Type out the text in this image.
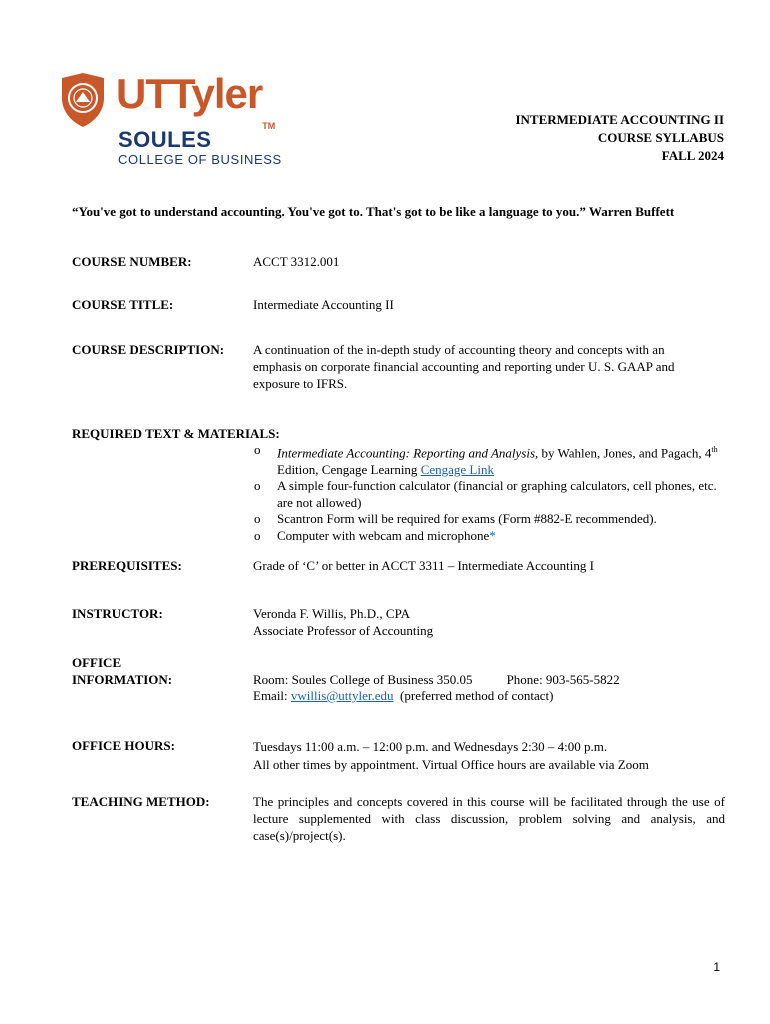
UTTyler™
SOULES
COLLEGE OF BUSINESS
INTERMEDIATE ACCOUNTING II
COURSE SYLLABUS
FALL 2024
“You've got to understand accounting. You've got to. That's got to be like a language to you.” Warren Buffett
COURSE NUMBER:	ACCT 3312.001
COURSE TITLE:	Intermediate Accounting II
COURSE DESCRIPTION: A continuation of the in-depth study of accounting theory and concepts with an emphasis on corporate financial accounting and reporting under U. S. GAAP and exposure to IFRS.
REQUIRED TEXT & MATERIALS:
o Intermediate Accounting: Reporting and Analysis, by Wahlen, Jones, and Pagach, 4th Edition, Cengage Learning Cengage Link
o A simple four-function calculator (financial or graphing calculators, cell phones, etc. are not allowed)
o Scantron Form will be required for exams (Form #882-E recommended).
o Computer with webcam and microphone*
PREREQUISITES:	Grade of ‘C’ or better in ACCT 3311 – Intermediate Accounting I
INSTRUCTOR:	Veronda F. Willis, Ph.D., CPA
Associate Professor of Accounting
OFFICE
INFORMATION:	Room: Soules College of Business 350.05	Phone: 903-565-5822
Email: vwillis@uttyler.edu  (preferred method of contact)
OFFICE HOURS:	Tuesdays 11:00 a.m. – 12:00 p.m. and Wednesdays 2:30 – 4:00 p.m.
All other times by appointment. Virtual Office hours are available via Zoom
TEACHING METHOD:	The principles and concepts covered in this course will be facilitated through the use of lecture supplemented with class discussion, problem solving and analysis, and case(s)/project(s).
1
